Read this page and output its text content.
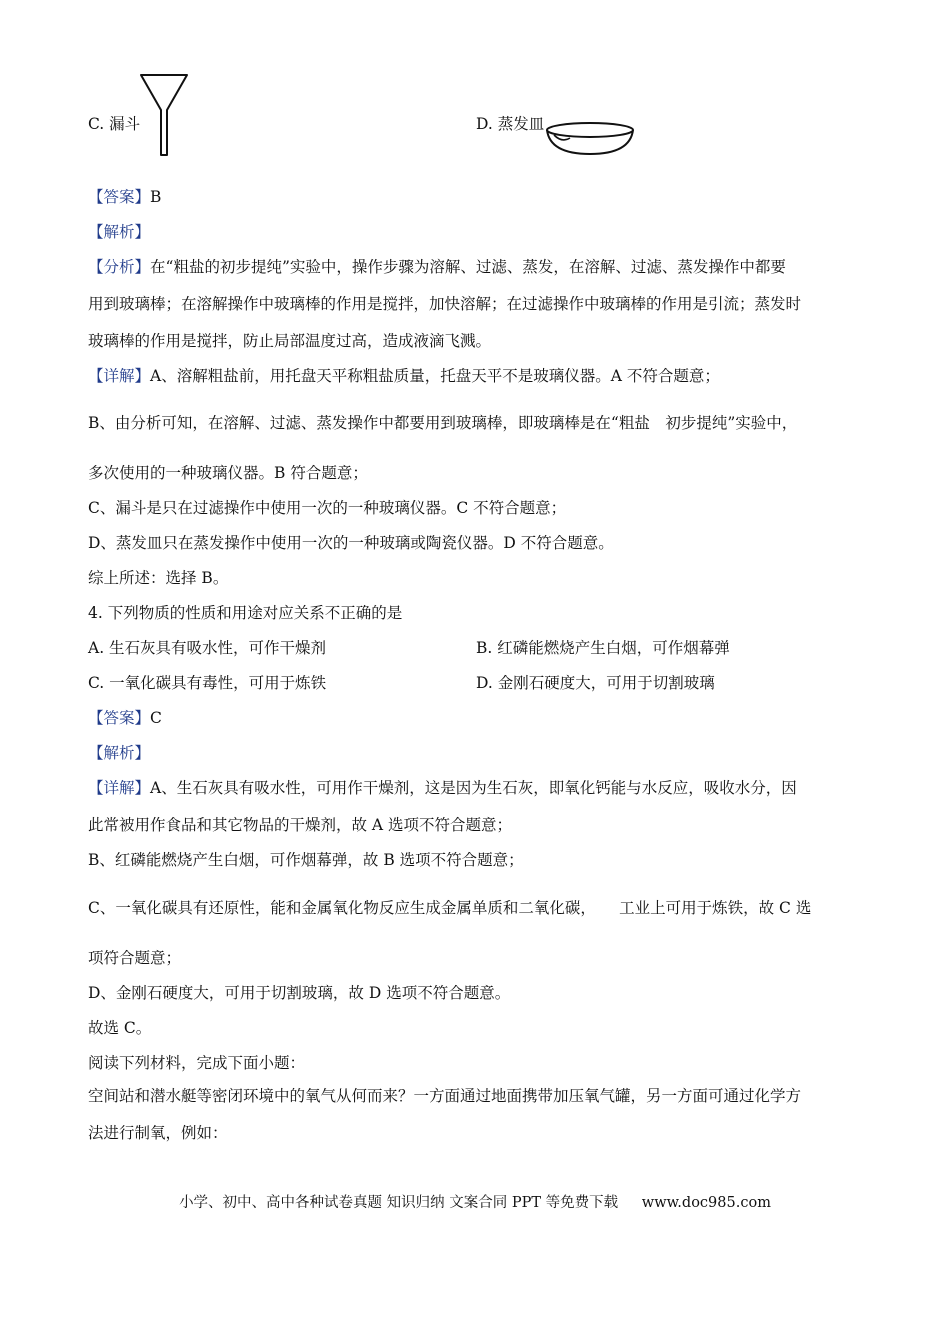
C. 漏斗	D. 蒸发皿
【答案】B
【解析】
【分析】在“粗盐的初步提纯”实验中，操作步骤为溶解、过滤、蒸发，在溶解、过滤、蒸发操作中都要
用到玻璃棒；在溶解操作中玻璃棒的作用是搅拌，加快溶解；在过滤操作中玻璃棒的作用是引流；蒸发时
玻璃棒的作用是搅拌，防止局部温度过高，造成液滴飞溅。
【详解】A、溶解粗盐前，用托盘天平称粗盐质量，托盘天平不是玻璃仪器。A 不符合题意；
B、由分析可知，在溶解、过滤、蒸发操作中都要用到玻璃棒，即玻璃棒是在“粗盐　初步提纯”实验中，
多次使用的一种玻璃仪器。B 符合题意；
C、漏斗是只在过滤操作中使用一次的一种玻璃仪器。C 不符合题意；
D、蒸发皿只在蒸发操作中使用一次的一种玻璃或陶瓷仪器。D 不符合题意。
综上所述：选择 B。
4. 下列物质的性质和用途对应关系不正确的是
A. 生石灰具有吸水性，可作干燥剂	B. 红磷能燃烧产生白烟，可作烟幕弹
C. 一氧化碳具有毒性，可用于炼铁	D. 金刚石硬度大，可用于切割玻璃
【答案】C
【解析】
【详解】A、生石灰具有吸水性，可用作干燥剂，这是因为生石灰，即氧化钙能与水反应，吸收水分，因
此常被用作食品和其它物品的干燥剂，故 A 选项不符合题意；
B、红磷能燃烧产生白烟，可作烟幕弹，故 B 选项不符合题意；
C、一氧化碳具有还原性，能和金属氧化物反应生成金属单质和二氧化碳，　　工业上可用于炼铁，故 C 选
项符合题意；
D、金刚石硬度大，可用于切割玻璃，故 D 选项不符合题意。
故选 C。
阅读下列材料，完成下面小题：
空间站和潜水艇等密闭环境中的氧气从何而来？一方面通过地面携带加压氧气罐，另一方面可通过化学方
法进行制氧，例如：
小学、初中、高中各种试卷真题 知识归纳 文案合同 PPT 等免费下载 www.doc985.com
